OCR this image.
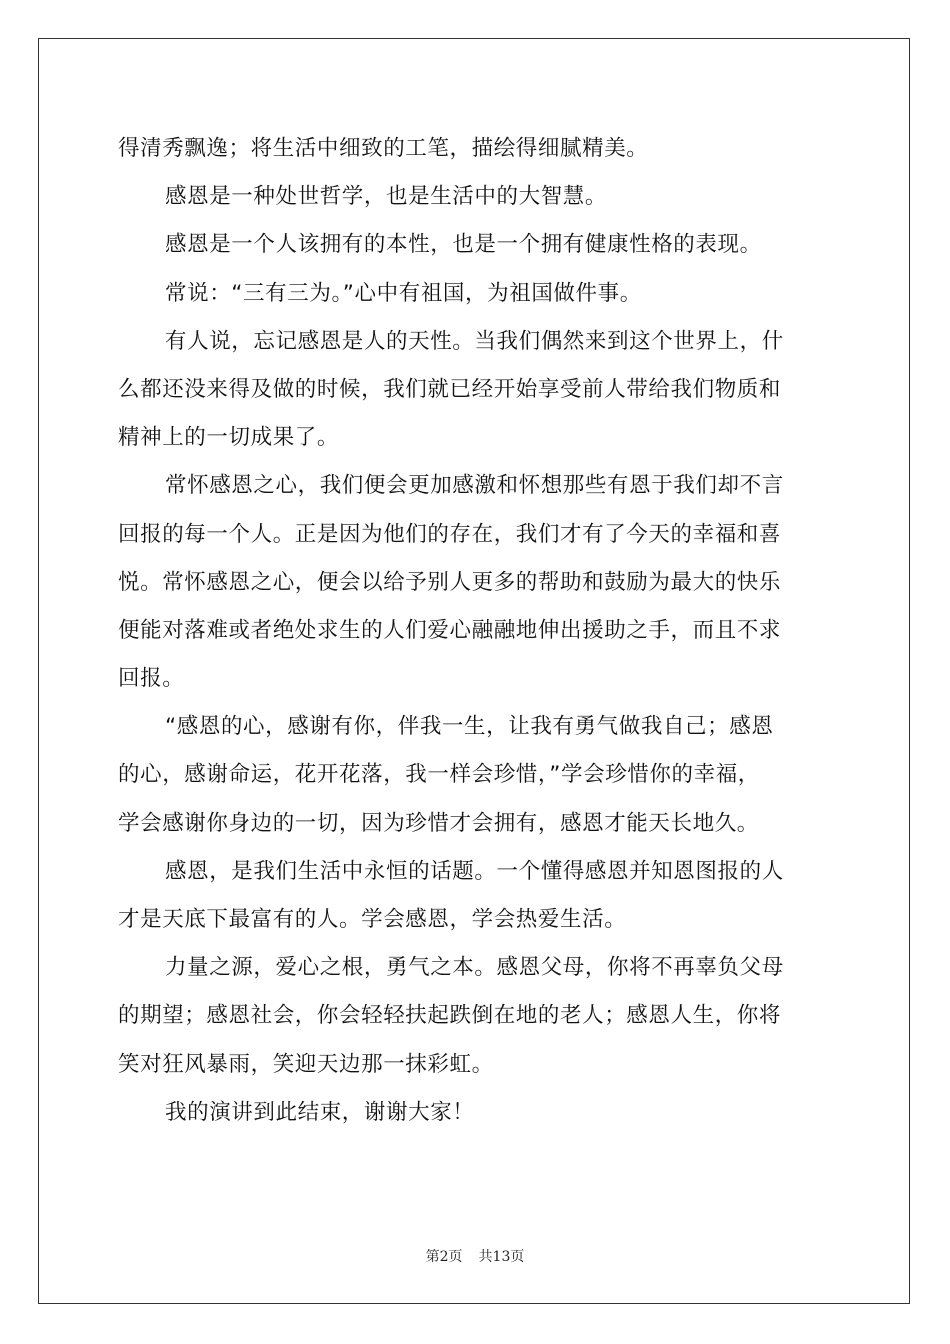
得清秀飘逸；将生活中细致的工笔，描绘得细腻精美。
感恩是一种处世哲学，也是生活中的大智慧。
感恩是一个人该拥有的本性，也是一个拥有健康性格的表现。
常说：“三有三为。”心中有祖国，为祖国做件事。
有人说，忘记感恩是人的天性。当我们偶然来到这个世界上，什
么都还没来得及做的时候，我们就已经开始享受前人带给我们物质和
精神上的一切成果了。
常怀感恩之心，我们便会更加感激和怀想那些有恩于我们却不言
回报的每一个人。正是因为他们的存在，我们才有了今天的幸福和喜
悦。常怀感恩之心，便会以给予别人更多的帮助和鼓励为最大的快乐
便能对落难或者绝处求生的人们爱心融融地伸出援助之手，而且不求
回报。
“感恩的心，感谢有你，伴我一生，让我有勇气做我自己；感恩
的心，感谢命运，花开花落，我一样会珍惜，”学会珍惜你的幸福，
学会感谢你身边的一切，因为珍惜才会拥有，感恩才能天长地久。
感恩，是我们生活中永恒的话题。一个懂得感恩并知恩图报的人
才是天底下最富有的人。学会感恩，学会热爱生活。
力量之源，爱心之根，勇气之本。感恩父母，你将不再辜负父母
的期望；感恩社会，你会轻轻扶起跌倒在地的老人；感恩人生，你将
笑对狂风暴雨，笑迎天边那一抹彩虹。
我的演讲到此结束，谢谢大家！
第2页 共13页
